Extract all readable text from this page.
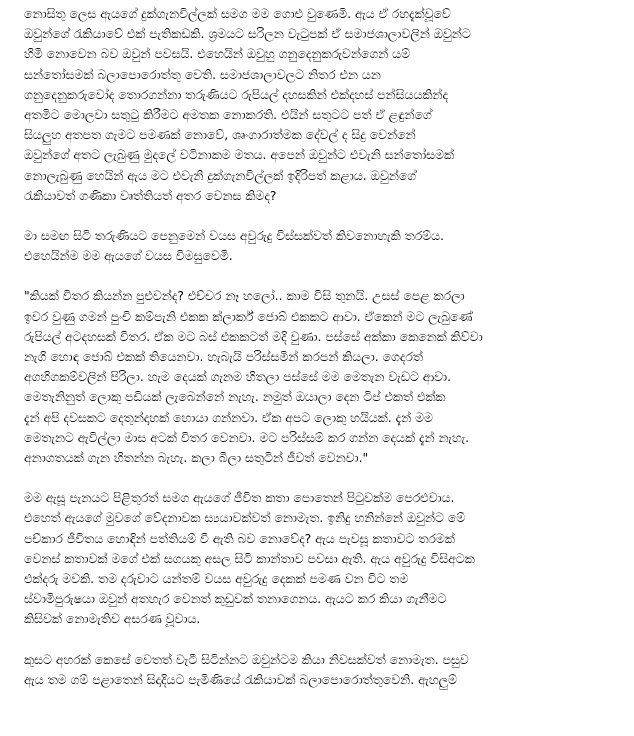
නොසිතු ලෙස ඇයගේ දුක්ගැනවිල්ලක් සමග මම ගොළු වුණෙමි. ඇය ඒ රහදැක්වූවේ
ඔවුන්ගේ රැකියාවේ එක් පැතිකඩකි. ශ්‍රමයට සරිලන වැටුපක් ඒ සමාජශාලාවලින් ඔවුන්ට
හිමි නොවෙන බව ඔවුන් පවසයි. එහෙයින් ඔවුහු ගනුදෙනුකරුවන්ගෙන් යම්
සන්තෝසමක් බලාපොරොත්තු වෙති. සමාජශාලාවලට නිතර එන යන
ගනුදෙනුකරුවෝද තොරගන්නා තරුණියට රුපියල් දහසකින් එක්දහස් පන්සියයකින්ද
අතමිට මොලවා සතුටු කිරීමට අමතක නොකරති. එයින් සතුටට පත් ඒ ළඳුන්ගේ
සියලුහ අතපත ගැමට පමණක් නොවේ, ශෘංගාරාත්මක දේවල් ද සිදු වෙන්නේ
ඔවුන්ගේ අතට ලැබුණු මුදලේ වටිනාකම මතය. අපෙන් ඔවුන්ට එවැනි සන්තෝසමක්
නොලැබුණු හෙයින් ඇය මට එවැනි දුක්ගැනවිල්ලක් ඉදිරිපත් කළාය. ඔවුන්ගේ
රැකියාවත් ගණිකා වෘත්තියත් අතර වෙනස කිමද?

මා සමඟ සිටි තරුණියට පෙනුමෙන් වයස අවුරුදු විස්සක්වත් කිවනොහැකි තරම්ය.
එහෙයින්ම මම ඇයගේ වයස විමසුවෙමි.

"කියක් විතර කියන්න පුළුවන්ද? එච්චර නෑ හලෝ.. කාම විසි තුනයි. උසස් පෙළ කරලා
ඉවර වුණු ගමන් පුංචි කම්පැනි එකක ක්ලාර්ක් ජොබ් එකකට ආවා. ඒකෙන් මට ලැබුණේ
රුපියල් අටදහසක් විතර. ඒක මට බස් එකකටත් මදි වුණා. පස්සේ අක්කා කෙනෙක් කිව්වා
නැගි හොඳ ජොබ් එකක් තියෙනවා. හැබැයි පරිස්සමින් කරපන් කියලා. ගෙදරත්
අගහිගකම්වලින් පිරිලා. හැම දෙයක් ගැනම හිතලා පස්සේ මම මෙතැන වැඩට ආවා.
මෙතැනිනුත් ලොකු පඩියක් ලැබෙන්නේ නැහැ. නමුත් ඔයාලා දෙන ටිප් එකත් එක්ක
දැන් අපි දවසකට දෙතුන්දාහක් හොයා ගන්නවා. ඒක අපට ලොකු හයියක්. දැන් මම
මෙතැනට ඇවිල්ලා මාස අටක් විතර වෙනවා. මට පරිස්සම් කර ගන්න දෙයක් දැන් නැහැ.
අනාගතයක් ගැන හිතන්න බැහැ. කලා බීලා සතුටින් ජීවත් වෙනවා."

මම ඇසූ පැනයට පිළිතුරත් සමග ඇයගේ ජීවිත කතා පොතෙන් පිටුවක්ම පෙරළුවාය.
එහෙත් ඇයගේ මුවගේ වේදනාවක ස්‍යයාවක්වත් නොමැත. ඉනිදු හනින්නේ ඔවුන්ට මේ
පච්කාර ජීවිතය හොඳින් පත්තියම් වී ඇති බව නොවේද? ඇය පැවසූ කතාවට තරමක්
වෙනස් කතාවක් මගේ එක් සගයකු අසල සිටි කාන්තාව පවසා ඇති. ඇය අවුරුදු විසිඅටක
එක්දරු මවකි. තම දරුවාට යන්තම් වයස අවුරුදු දෙකක් පමණ වන විට තම
ස්වාමිපුරුෂයා ඔවුන් අතහැර වෙනත් කුඩුවක් තනාගෙනය. ඇයට කර කියා ගැනීමට
කිසිවක් නොමැතිව අසරණ වූවාය.

කුසට අහරක් කෙසේ වෙතත් වැටී සිටින්නට ඔවුන්ටම කියා නිවසක්වත් නොමැත. පසුව
ඇය තම ගම් පළාතෙන් සිදාදියට පැමිණියේ රැකියාවක් බලාපොරොත්තුවෙනි. ඇහලුම්
